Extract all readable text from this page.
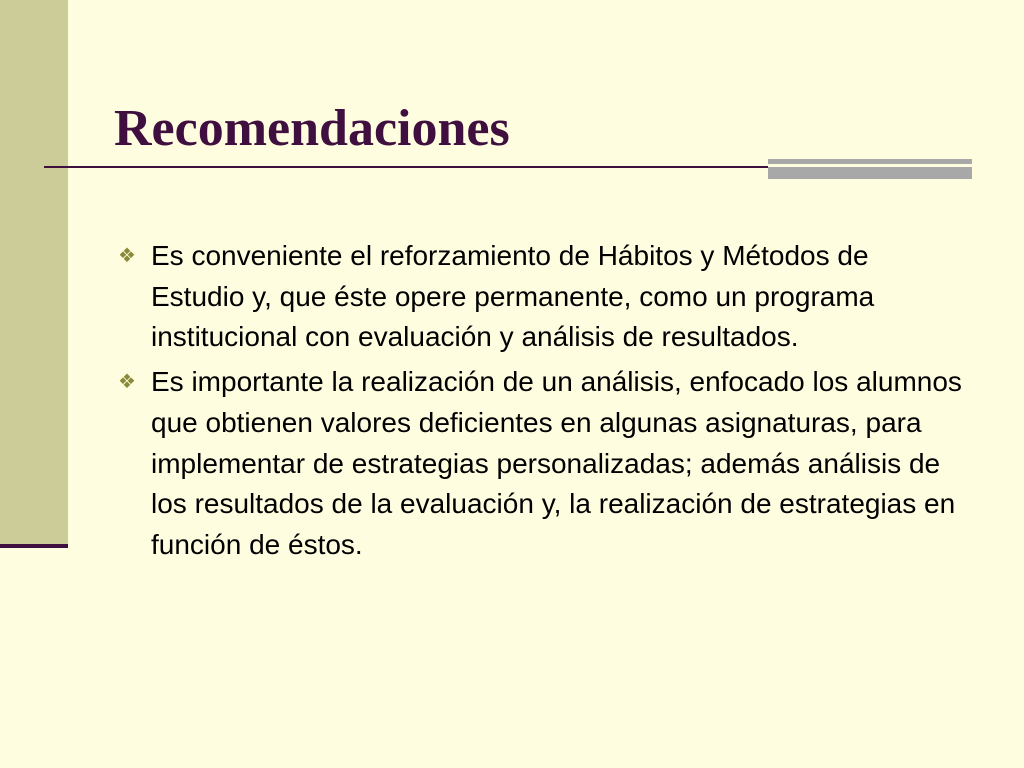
Recomendaciones
❖ Es conveniente el reforzamiento de Hábitos y Métodos de Estudio y, que éste opere permanente, como un programa institucional con evaluación y análisis de resultados.
❖ Es importante la realización de un análisis, enfocado los alumnos que obtienen valores deficientes en algunas asignaturas, para implementar de estrategias personalizadas; además análisis de los resultados de la evaluación y, la realización de estrategias en función de éstos.
